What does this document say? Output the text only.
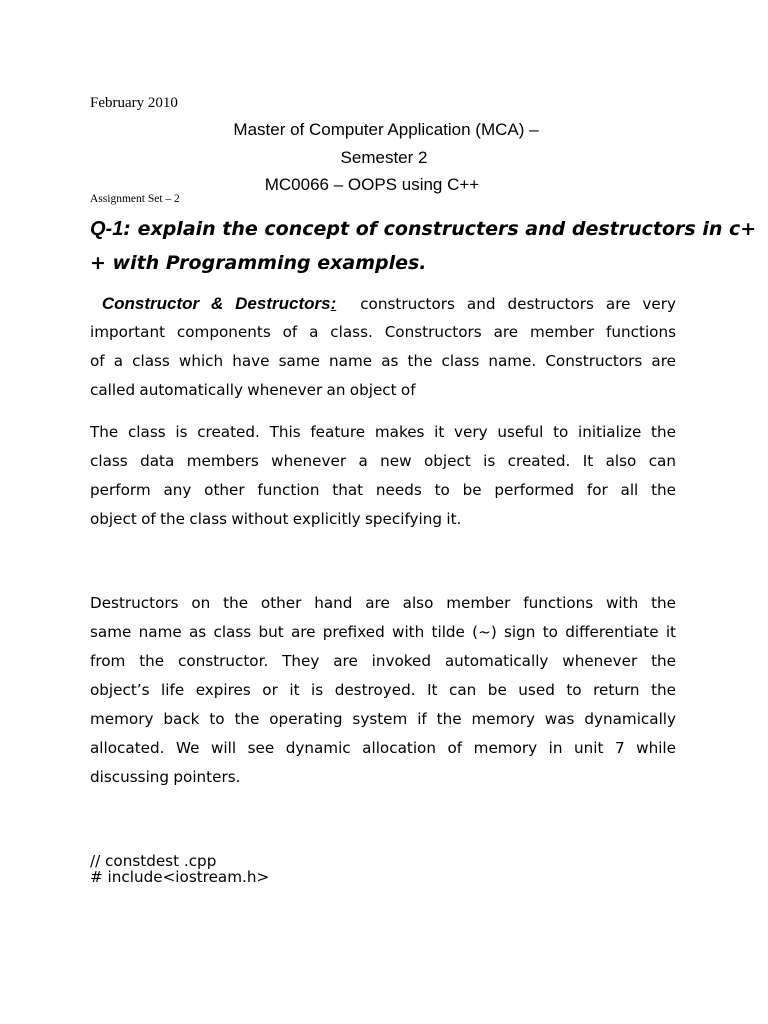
February 2010
Master of Computer Application (MCA) –
Semester 2
MC0066 – OOPS using C++
Assignment Set – 2
Q-1: explain the concept of constructers and destructors in c+
+ with Programming examples.
Constructor & Destructors: constructors and destructors are very
important components of a class. Constructors are member functions
of a class which have same name as the class name. Constructors are
called automatically whenever an object of
The class is created. This feature makes it very useful to initialize the
class data members whenever a new object is created. It also can
perform any other function that needs to be performed for all the
object of the class without explicitly specifying it.
Destructors on the other hand are also member functions with the
same name as class but are prefixed with tilde (~) sign to differentiate it
from the constructor. They are invoked automatically whenever the
object’s life expires or it is destroyed. It can be used to return the
memory back to the operating system if the memory was dynamically
allocated. We will see dynamic allocation of memory in unit 7 while
discussing pointers.
// constdest .cpp
# include<iostream.h>
